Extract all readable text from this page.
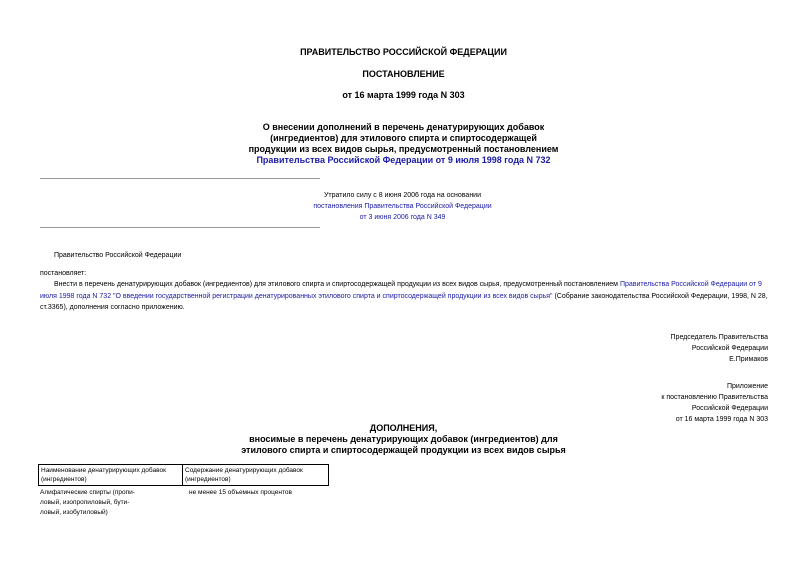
ПРАВИТЕЛЬСТВО РОССИЙСКОЙ ФЕДЕРАЦИИ
ПОСТАНОВЛЕНИЕ
от 16 марта 1999 года N 303
О внесении дополнений в перечень денатурирующих добавок
(ингредиентов) для этилового спирта и спиртосодержащей
продукции из всех видов сырья, предусмотренный постановлением
Правительства Российской Федерации от 9 июля 1998 года N 732
Утратило силу с 8 июня 2006 года на основании
постановления Правительства Российской Федерации
от 3 июня 2006 года N 349
Правительство Российской Федерации
постановляет:
Внести в перечень денатурирующих добавок (ингредиентов) для этилового спирта и спиртосодержащей продукции из всех видов сырья, предусмотренный постановлением Правительства Российской Федерации от 9 июля 1998 года N 732 "О введении государственной регистрации денатурированных этилового спирта и спиртосодержащей продукции из всех видов сырья" (Собрание законодательства Российской Федерации, 1998, N 28, ст.3365), дополнения согласно приложению.
Председатель Правительства
Российской Федерации
Е.Примаков
Приложение
к постановлению Правительства
Российской Федерации
от 16 марта 1999 года N 303
ДОПОЛНЕНИЯ,
вносимые в перечень денатурирующих добавок (ингредиентов) для
этилового спирта и спиртосодержащей продукции из всех видов сырья
Наименование денатурирующих добавок (ингредиентов)
Содержание денатурирующих добавок (ингредиентов)
Алифатические спирты (пропи- ловый, изопропиловый, бути- ловый, изобутиловый)
не менее 15 объемных процентов
